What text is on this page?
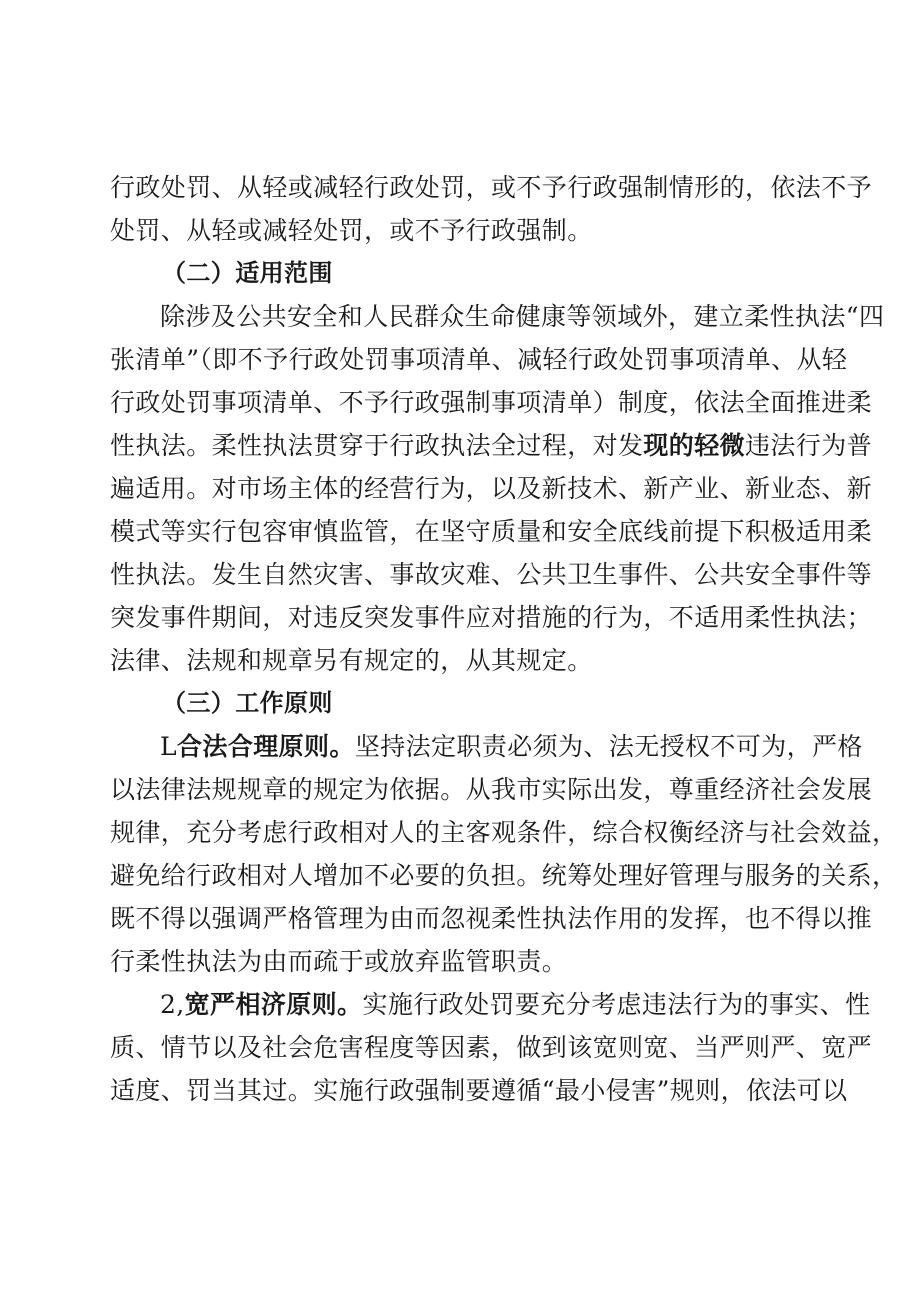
行政处罚、从轻或减轻行政处罚，或不予行政强制情形的，依法不予
处罚、从轻或减轻处罚，或不予行政强制。
（二）适用范围
除涉及公共安全和人民群众生命健康等领域外，建立柔性执法“四
张清单”（即不予行政处罚事项清单、减轻行政处罚事项清单、从轻
行政处罚事项清单、不予行政强制事项清单）制度，依法全面推进柔
性执法。柔性执法贯穿于行政执法全过程，对发现的轻微违法行为普
遍适用。对市场主体的经营行为，以及新技术、新产业、新业态、新
模式等实行包容审慎监管，在坚守质量和安全底线前提下积极适用柔
性执法。发生自然灾害、事故灾难、公共卫生事件、公共安全事件等
突发事件期间，对违反突发事件应对措施的行为，不适用柔性执法；
法律、法规和规章另有规定的，从其规定。
（三）工作原则
L合法合理原则。坚持法定职责必须为、法无授权不可为，严格
以法律法规规章的规定为依据。从我市实际出发，尊重经济社会发展
规律，充分考虑行政相对人的主客观条件，综合权衡经济与社会效益，
避免给行政相对人增加不必要的负担。统筹处理好管理与服务的关系，
既不得以强调严格管理为由而忽视柔性执法作用的发挥，也不得以推
行柔性执法为由而疏于或放弃监管职责。
2,宽严相济原则。实施行政处罚要充分考虑违法行为的事实、性
质、情节以及社会危害程度等因素，做到该宽则宽、当严则严、宽严
适度、罚当其过。实施行政强制要遵循“最小侵害”规则，依法可以
